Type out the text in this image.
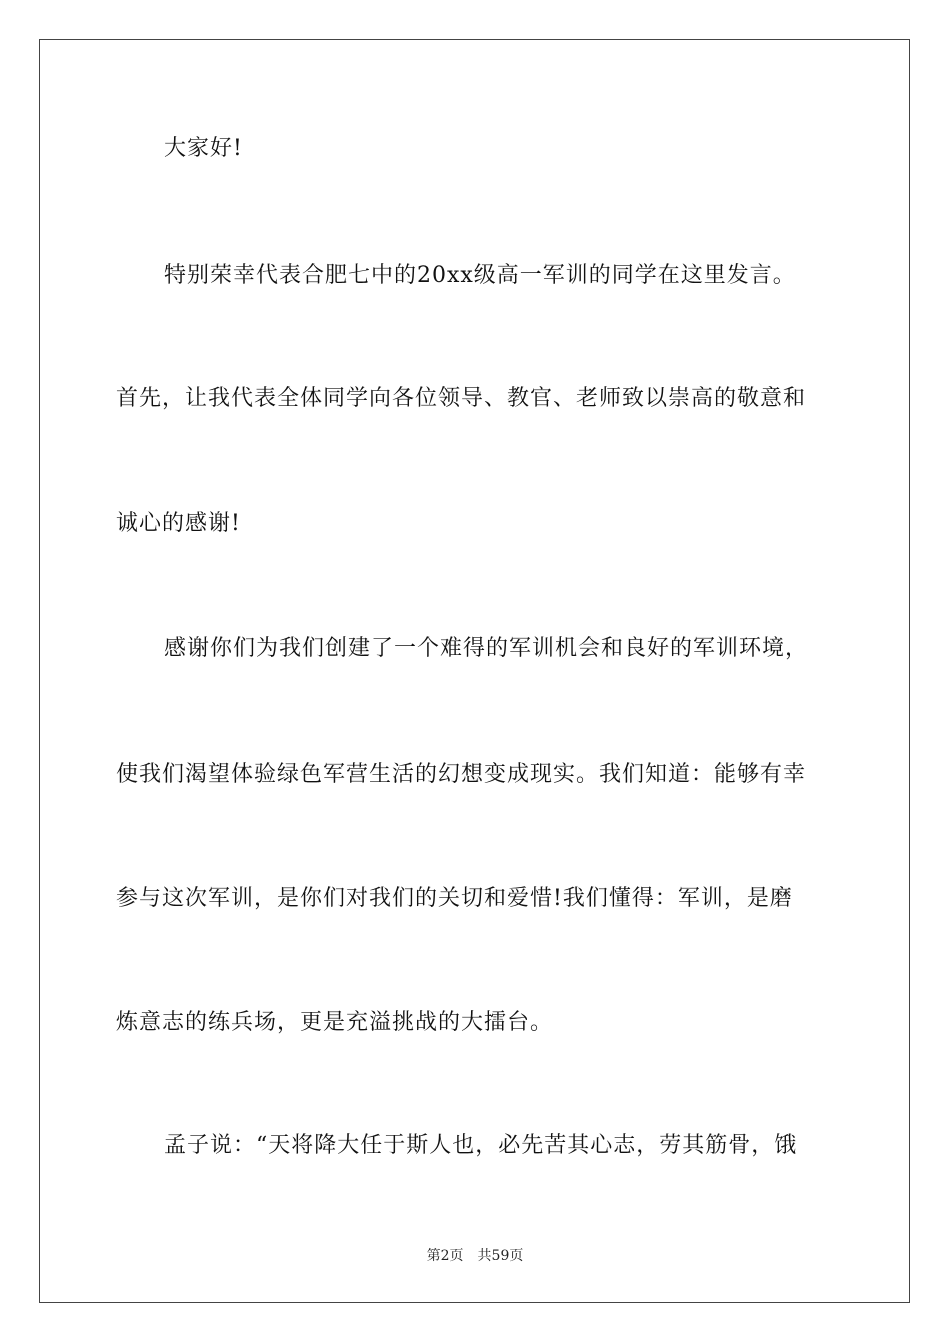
大家好!
特别荣幸代表合肥七中的20xx级高一军训的同学在这里发言。
首先，让我代表全体同学向各位领导、教官、老师致以崇高的敬意和
诚心的感谢!
感谢你们为我们创建了一个难得的军训机会和良好的军训环境，
使我们渴望体验绿色军营生活的幻想变成现实。我们知道：能够有幸
参与这次军训，是你们对我们的关切和爱惜!我们懂得：军训，是磨
炼意志的练兵场，更是充溢挑战的大擂台。
孟子说：“天将降大任于斯人也，必先苦其心志，劳其筋骨，饿
第2页 共59页
